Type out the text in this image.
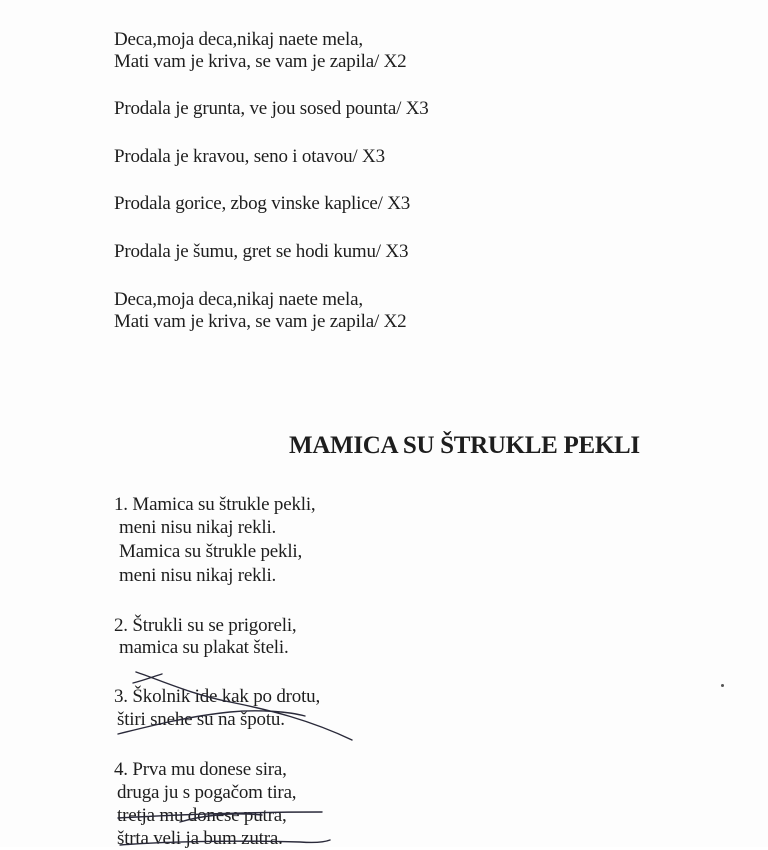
Deca,moja deca,nikaj naete mela,
Mati vam je kriva, se vam je zapila/ X2
Prodala je grunta, ve jou sosed pounta/ X3
Prodala je kravou, seno i otavou/ X3
Prodala gorice, zbog vinske kaplice/ X3
Prodala je šumu, gret se hodi kumu/ X3
Deca,moja deca,nikaj naete mela,
Mati vam je kriva, se vam je zapila/ X2
MAMICA SU ŠTRUKLE PEKLI
1. Mamica su štrukle pekli,
meni nisu nikaj rekli.
Mamica su štrukle pekli,
meni nisu nikaj rekli.
2. Štrukli su se prigoreli,
mamica su plakat šteli.
3. Školnik ide kak po drotu,
štiri snehe su na špotu.
4. Prva mu donese sira,
druga ju s pogačom tira,
tretja mu donese putra,
štrta veli ja bum zutra.
